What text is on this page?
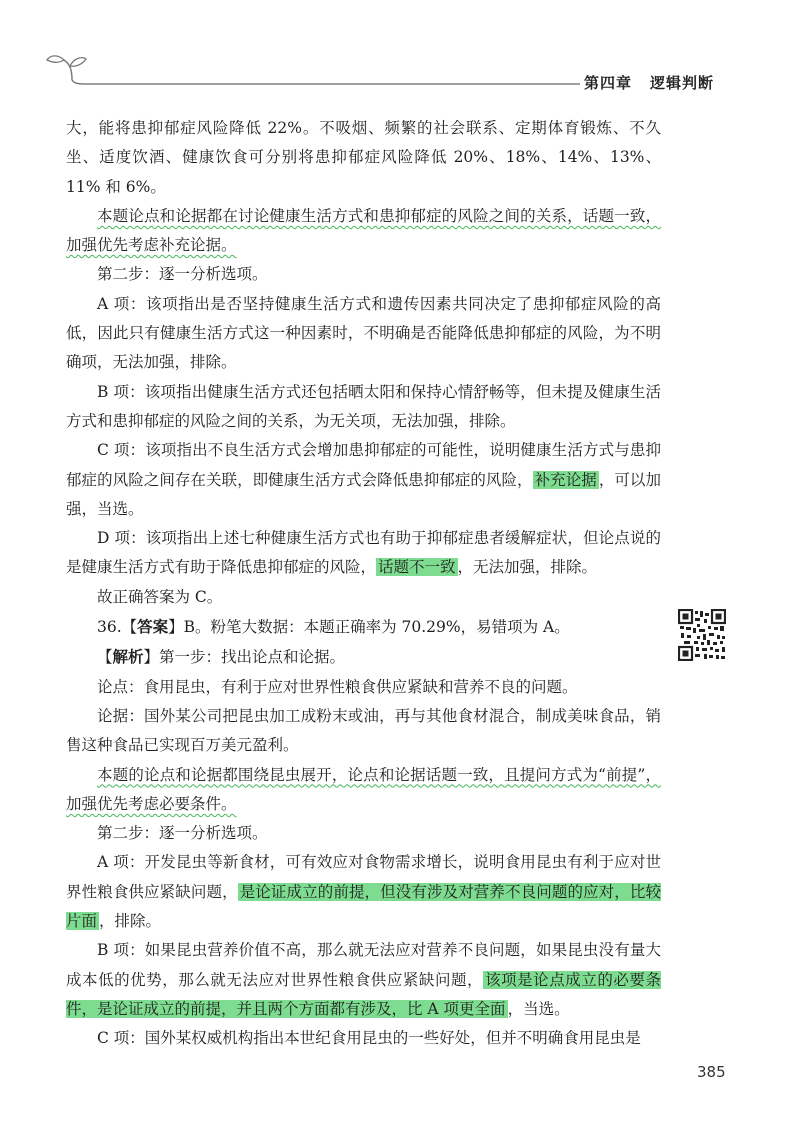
第四章 逻辑判断

大，能将患抑郁症风险降低 22%。不吸烟、频繁的社会联系、定期体育锻炼、不久坐、适度饮酒、健康饮食可分别将患抑郁症风险降低 20%、18%、14%、13%、11% 和 6%。

本题论点和论据都在讨论健康生活方式和患抑郁症的风险之间的关系，话题一致，加强优先考虑补充论据。

第二步：逐一分析选项。

A 项：该项指出是否坚持健康生活方式和遗传因素共同决定了患抑郁症风险的高低，因此只有健康生活方式这一种因素时，不明确是否能降低患抑郁症的风险，为不明确项，无法加强，排除。

B 项：该项指出健康生活方式还包括晒太阳和保持心情舒畅等，但未提及健康生活方式和患抑郁症的风险之间的关系，为无关项，无法加强，排除。

C 项：该项指出不良生活方式会增加患抑郁症的可能性，说明健康生活方式与患抑郁症的风险之间存在关联，即健康生活方式会降低患抑郁症的风险， 补充论据 ，可以加强，当选。

D 项：该项指出上述七种健康生活方式也有助于抑郁症患者缓解症状，但论点说的是健康生活方式有助于降低患抑郁症的风险， 话题不一致 ，无法加强，排除。

故正确答案为 C。

36.【答案】B。粉笔大数据：本题正确率为 70.29%，易错项为 A。

【解析】第一步：找出论点和论据。

论点：食用昆虫，有利于应对世界性粮食供应紧缺和营养不良的问题。

论据：国外某公司把昆虫加工成粉末或油，再与其他食材混合，制成美味食品，销售这种食品已实现百万美元盈利。

本题的论点和论据都围绕昆虫展开，论点和论据话题一致，且提问方式为“前提”，加强优先考虑必要条件。

第二步：逐一分析选项。

A 项：开发昆虫等新食材，可有效应对食物需求增长，说明食用昆虫有利于应对世界性粮食供应紧缺问题， 是论证成立的前提，但没有涉及对营养不良问题的应对，比较片面 ，排除。

B 项：如果昆虫营养价值不高，那么就无法应对营养不良问题，如果昆虫没有量大成本低的优势，那么就无法应对世界性粮食供应紧缺问题， 该项是论点成立的必要条件，是论证成立的前提，并且两个方面都有涉及，比 A 项更全面 ，当选。

C 项：国外某权威机构指出本世纪食用昆虫的一些好处，但并不明确食用昆虫是

385
